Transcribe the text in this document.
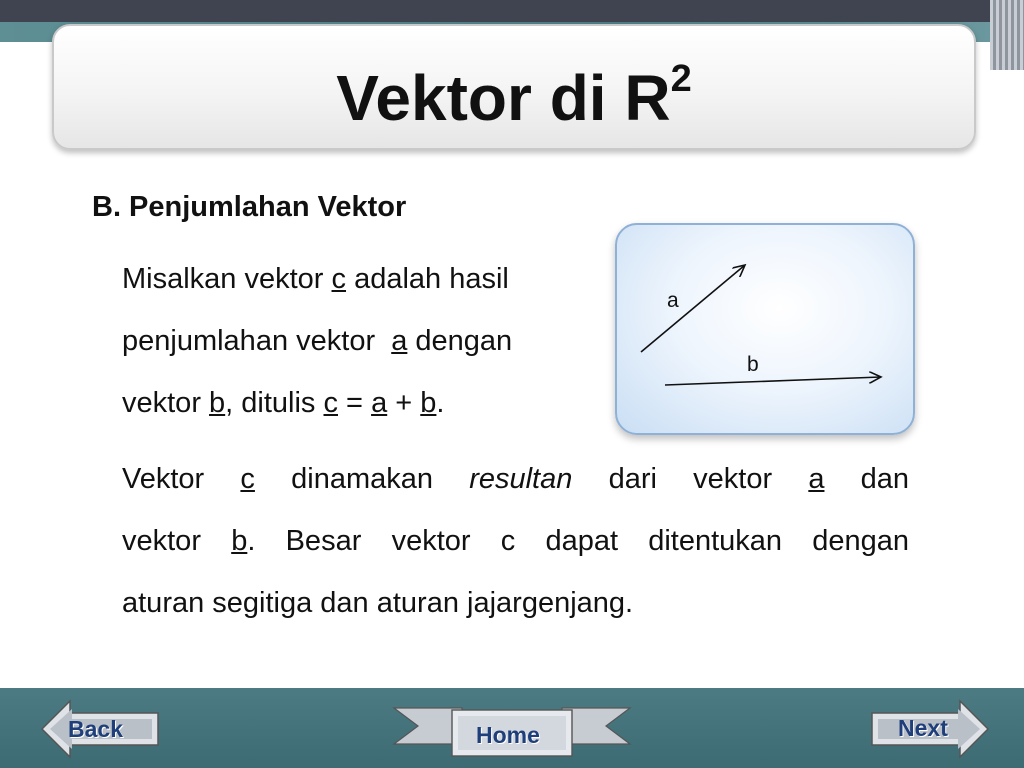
Vektor di $R^2$
B. Penjumlahan Vektor
Misalkan vektor c adalah hasil
penjumlahan vektor  a dengan
vektor b, ditulis c = a + b.
a
b
Vektor c dinamakan resultan dari vektor a dan
vektor b. Besar vektor c dapat ditentukan dengan
aturan segitiga dan aturan jajargenjang.
Back	Home	Next
